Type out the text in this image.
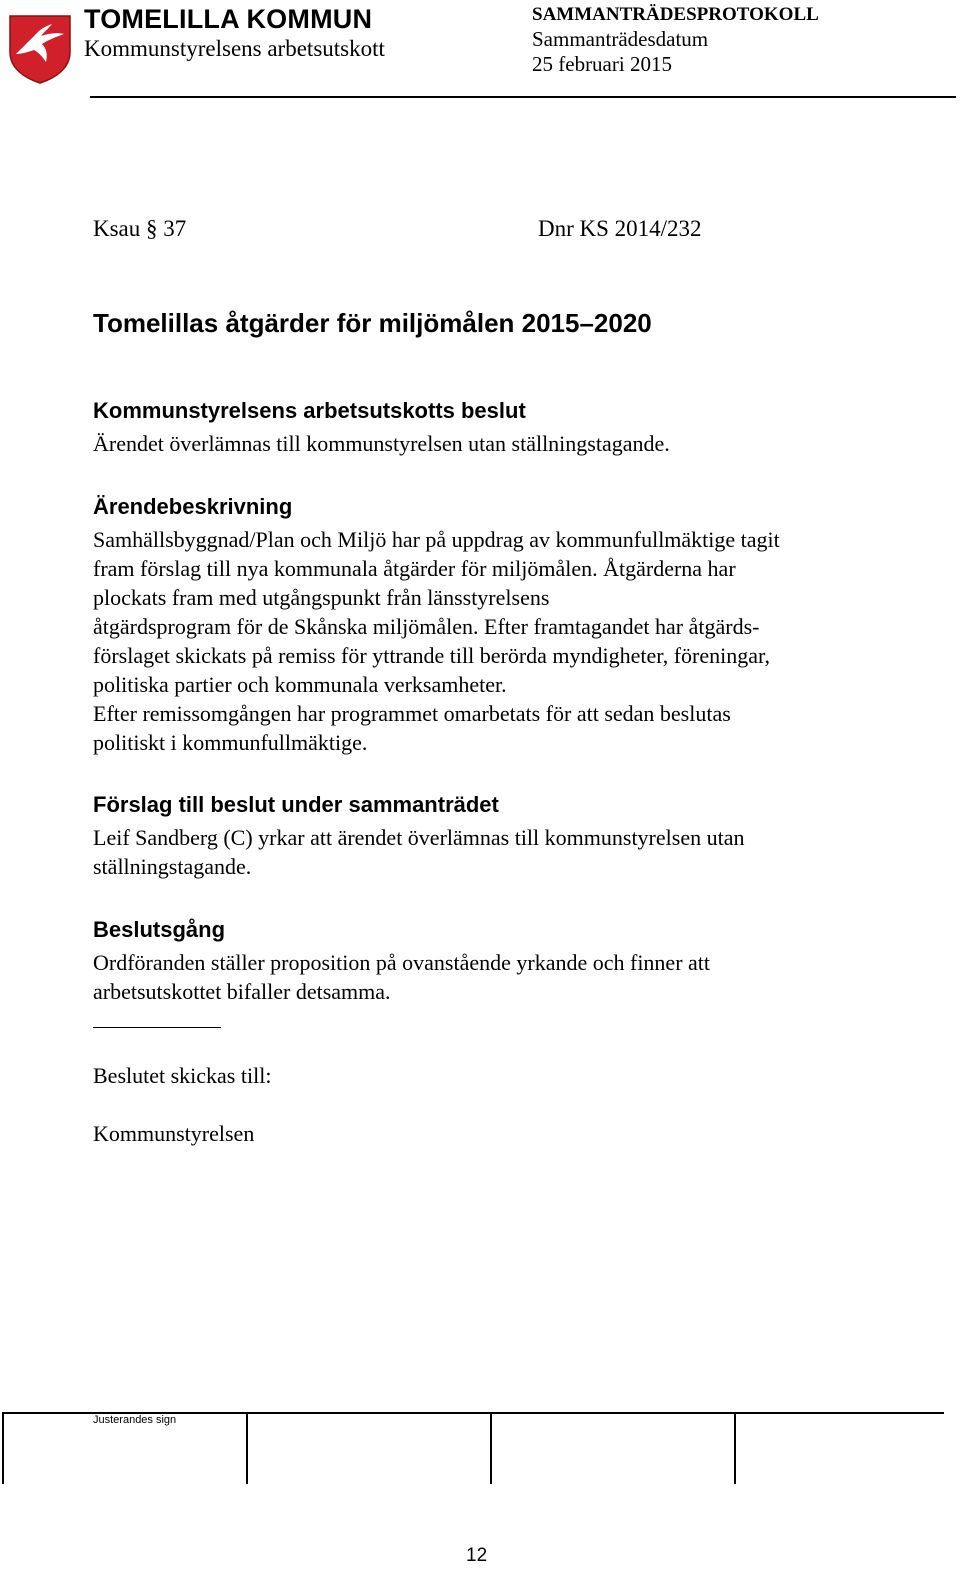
TOMELILLA KOMMUN
Kommunstyrelsens arbetsutskott
SAMMANTRÄDESPROTOKOLL
Sammanträdesdatum
25 februari 2015
Ksau § 37	Dnr KS 2014/232
Tomelillas åtgärder för miljömålen 2015–2020
Kommunstyrelsens arbetsutskotts beslut
Ärendet överlämnas till kommunstyrelsen utan ställningstagande.
Ärendebeskrivning
Samhällsbyggnad/Plan och Miljö har på uppdrag av kommunfullmäktige tagit
fram förslag till nya kommunala åtgärder för miljömålen. Åtgärderna har
plockats fram med utgångspunkt från länsstyrelsens
åtgärdsprogram för de Skånska miljömålen. Efter framtagandet har åtgärds-
förslaget skickats på remiss för yttrande till berörda myndigheter, föreningar,
politiska partier och kommunala verksamheter.
Efter remissomgången har programmet omarbetats för att sedan beslutas
politiskt i kommunfullmäktige.
Förslag till beslut under sammanträdet
Leif Sandberg (C) yrkar att ärendet överlämnas till kommunstyrelsen utan
ställningstagande.
Beslutsgång
Ordföranden ställer proposition på ovanstående yrkande och finner att
arbetsutskottet bifaller detsamma.
Beslutet skickas till:
Kommunstyrelsen
Justerandes sign
12
